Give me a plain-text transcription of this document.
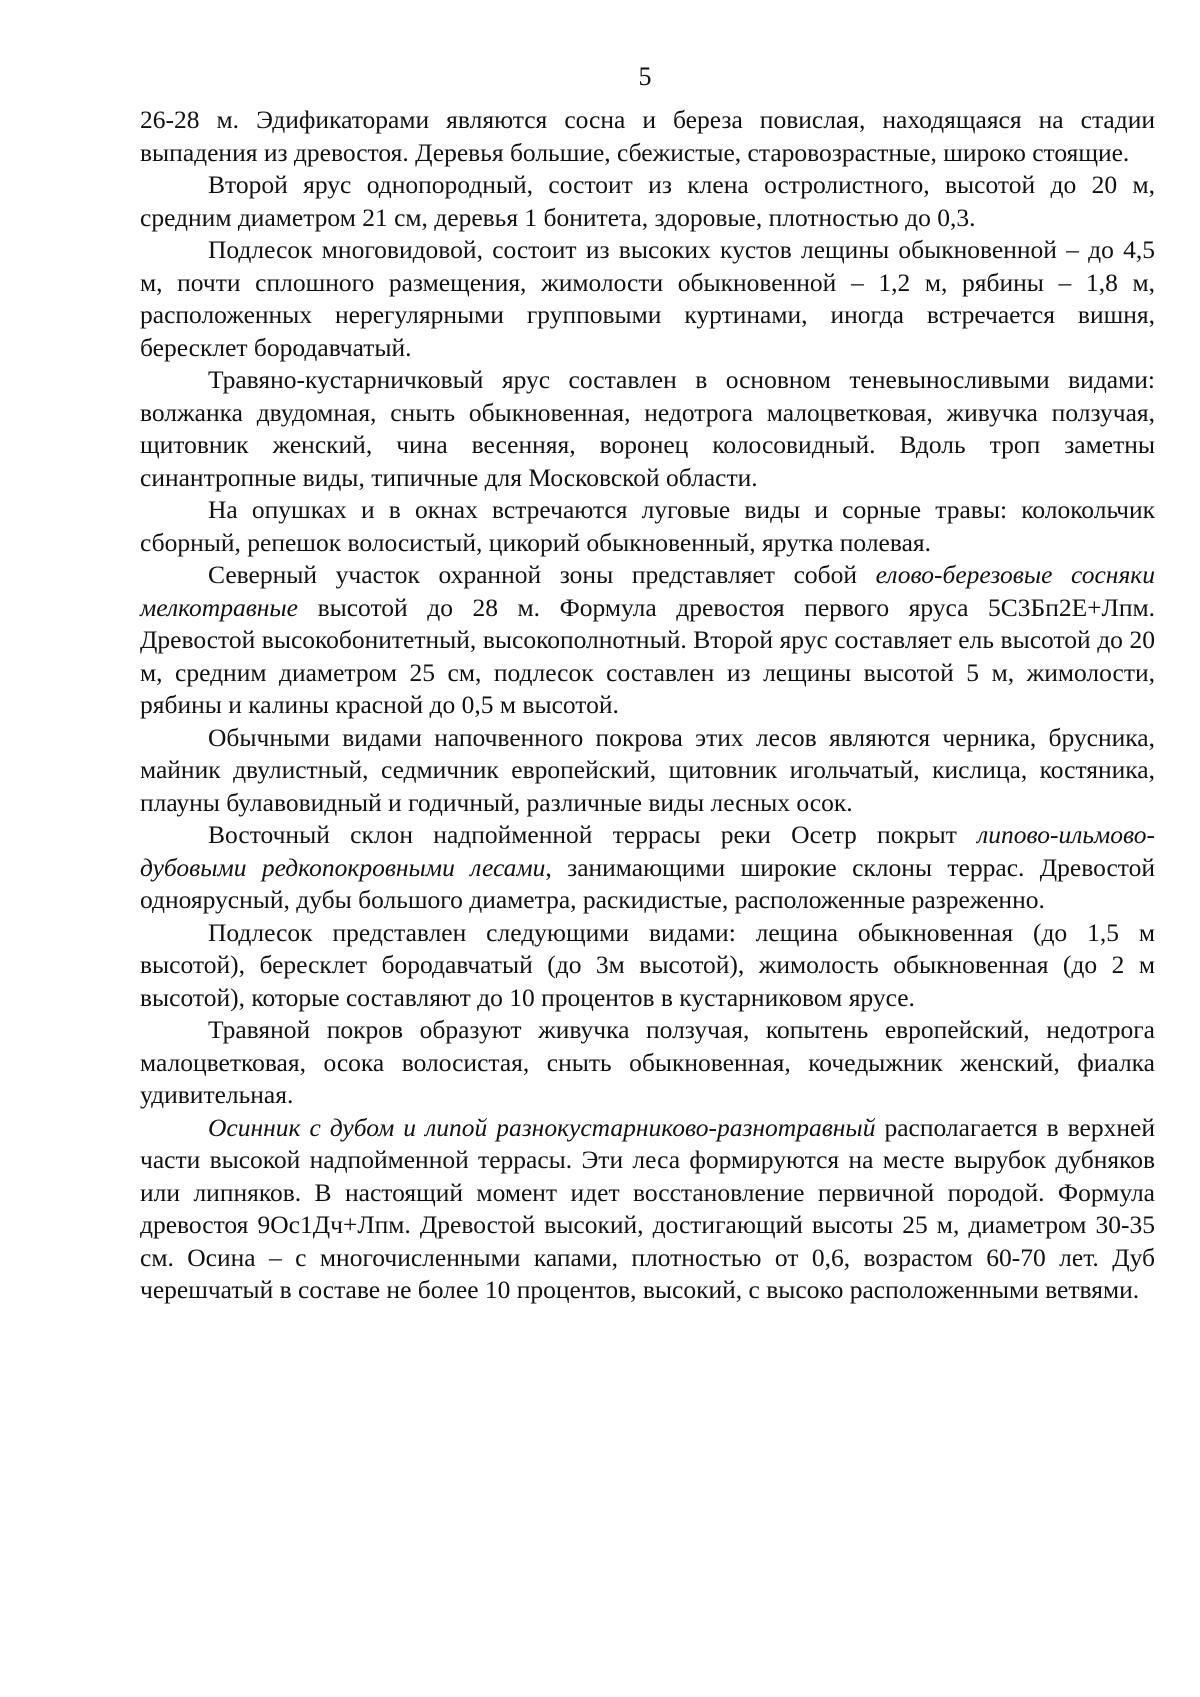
5

26-28 м. Эдификаторами являются сосна и береза повислая, находящаяся на стадии выпадения из древостоя. Деревья большие, сбежистые, старовозрастные, широко стоящие.

Второй ярус однопородный, состоит из клена остролистного, высотой до 20 м, средним диаметром 21 см, деревья 1 бонитета, здоровые, плотностью до 0,3.

Подлесок многовидовой, состоит из высоких кустов лещины обыкновенной – до 4,5 м, почти сплошного размещения, жимолости обыкновенной – 1,2 м, рябины – 1,8 м, расположенных нерегулярными групповыми куртинами, иногда встречается вишня, бересклет бородавчатый.

Травяно-кустарничковый ярус составлен в основном теневыносливыми видами: волжанка двудомная, сныть обыкновенная, недотрога малоцветковая, живучка ползучая, щитовник женский, чина весенняя, воронец колосовидный. Вдоль троп заметны синантропные виды, типичные для Московской области.

На опушках и в окнах встречаются луговые виды и сорные травы: колокольчик сборный, репешок волосистый, цикорий обыкновенный, ярутка полевая.

Северный участок охранной зоны представляет собой елово-березовые сосняки мелкотравные высотой до 28 м. Формула древостоя первого яруса 5С3Бп2Е+Лпм. Древостой высокобонитетный, высокополнотный. Второй ярус составляет ель высотой до 20 м, средним диаметром 25 см, подлесок составлен из лещины высотой 5 м, жимолости, рябины и калины красной до 0,5 м высотой.

Обычными видами напочвенного покрова этих лесов являются черника, брусника, майник двулистный, седмичник европейский, щитовник игольчатый, кислица, костяника, плауны булавовидный и годичный, различные виды лесных осок.

Восточный склон надпойменной террасы реки Осетр покрыт липово-ильмово-дубовыми редкопокровными лесами, занимающими широкие склоны террас. Древостой одноярусный, дубы большого диаметра, раскидистые, расположенные разреженно.

Подлесок представлен следующими видами: лещина обыкновенная (до 1,5 м высотой), бересклет бородавчатый (до 3м высотой), жимолость обыкновенная (до 2 м высотой), которые составляют до 10 процентов в кустарниковом ярусе.

Травяной покров образуют живучка ползучая, копытень европейский, недотрога малоцветковая, осока волосистая, сныть обыкновенная, кочедыжник женский, фиалка удивительная.

Осинник с дубом и липой разнокустарниково-разнотравный располагается в верхней части высокой надпойменной террасы. Эти леса формируются на месте вырубок дубняков или липняков. В настоящий момент идет восстановление первичной породой. Формула древостоя 9Ос1Дч+Лпм. Древостой высокий, достигающий высоты 25 м, диаметром 30-35 см. Осина – с многочисленными капами, плотностью от 0,6, возрастом 60-70 лет. Дуб черешчатый в составе не более 10 процентов, высокий, с высоко расположенными ветвями.
